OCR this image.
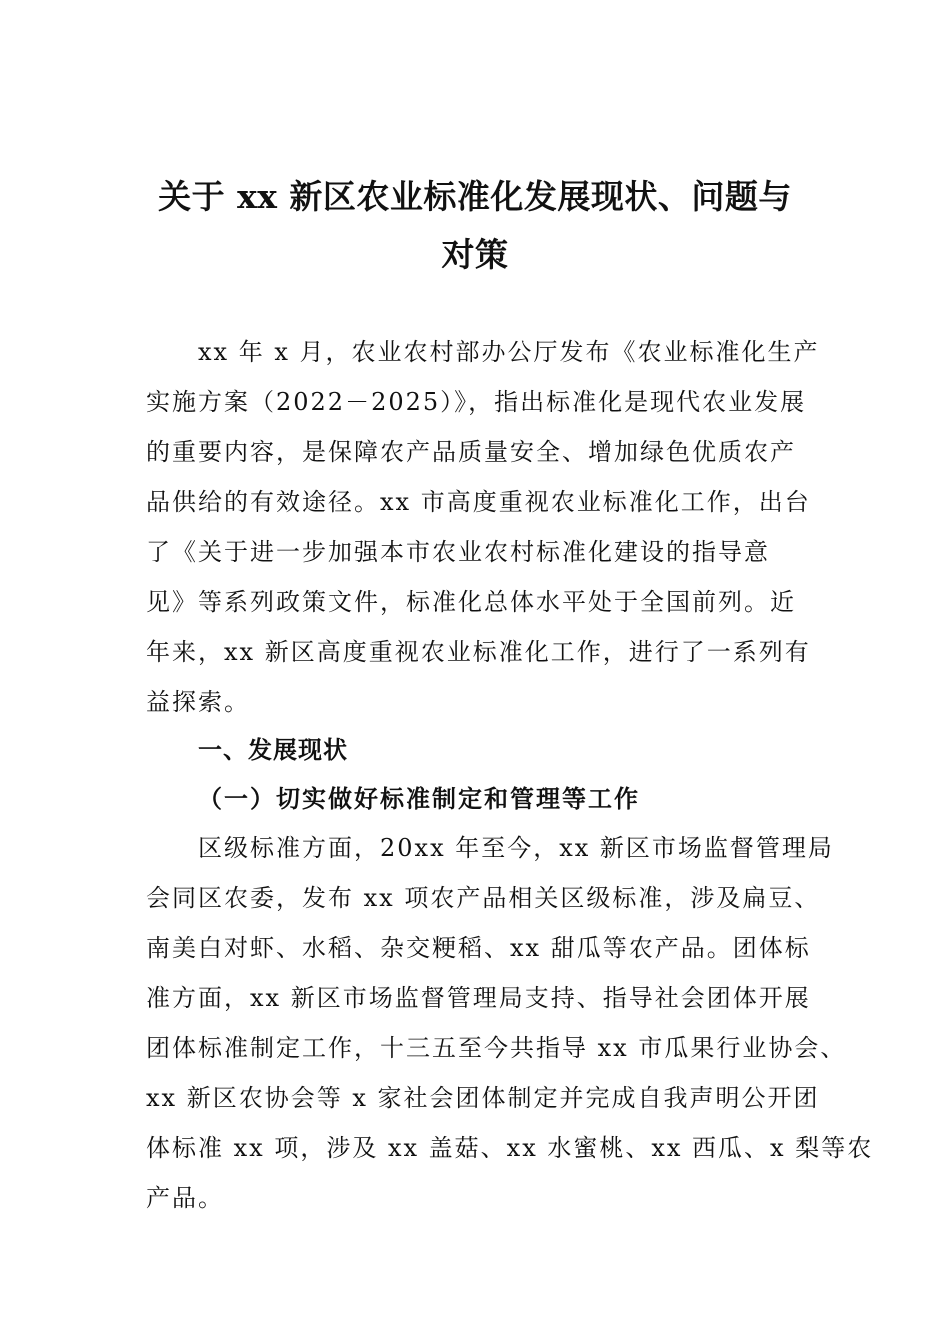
关于 xx 新区农业标准化发展现状、问题与
对策
xx 年 x 月，农业农村部办公厅发布《农业标准化生产
实施方案（2022－2025）》，指出标准化是现代农业发展
的重要内容，是保障农产品质量安全、增加绿色优质农产
品供给的有效途径。xx 市高度重视农业标准化工作，出台
了《关于进一步加强本市农业农村标准化建设的指导意
见》等系列政策文件，标准化总体水平处于全国前列。近
年来，xx 新区高度重视农业标准化工作，进行了一系列有
益探索。
一、发展现状
（一）切实做好标准制定和管理等工作
区级标准方面，20xx 年至今，xx 新区市场监督管理局
会同区农委，发布 xx 项农产品相关区级标准，涉及扁豆、
南美白对虾、水稻、杂交粳稻、xx 甜瓜等农产品。团体标
准方面，xx 新区市场监督管理局支持、指导社会团体开展
团体标准制定工作，十三五至今共指导 xx 市瓜果行业协会、
xx 新区农协会等 x 家社会团体制定并完成自我声明公开团
体标准 xx 项，涉及 xx 盖菇、xx 水蜜桃、xx 西瓜、x 梨等农
产品。
